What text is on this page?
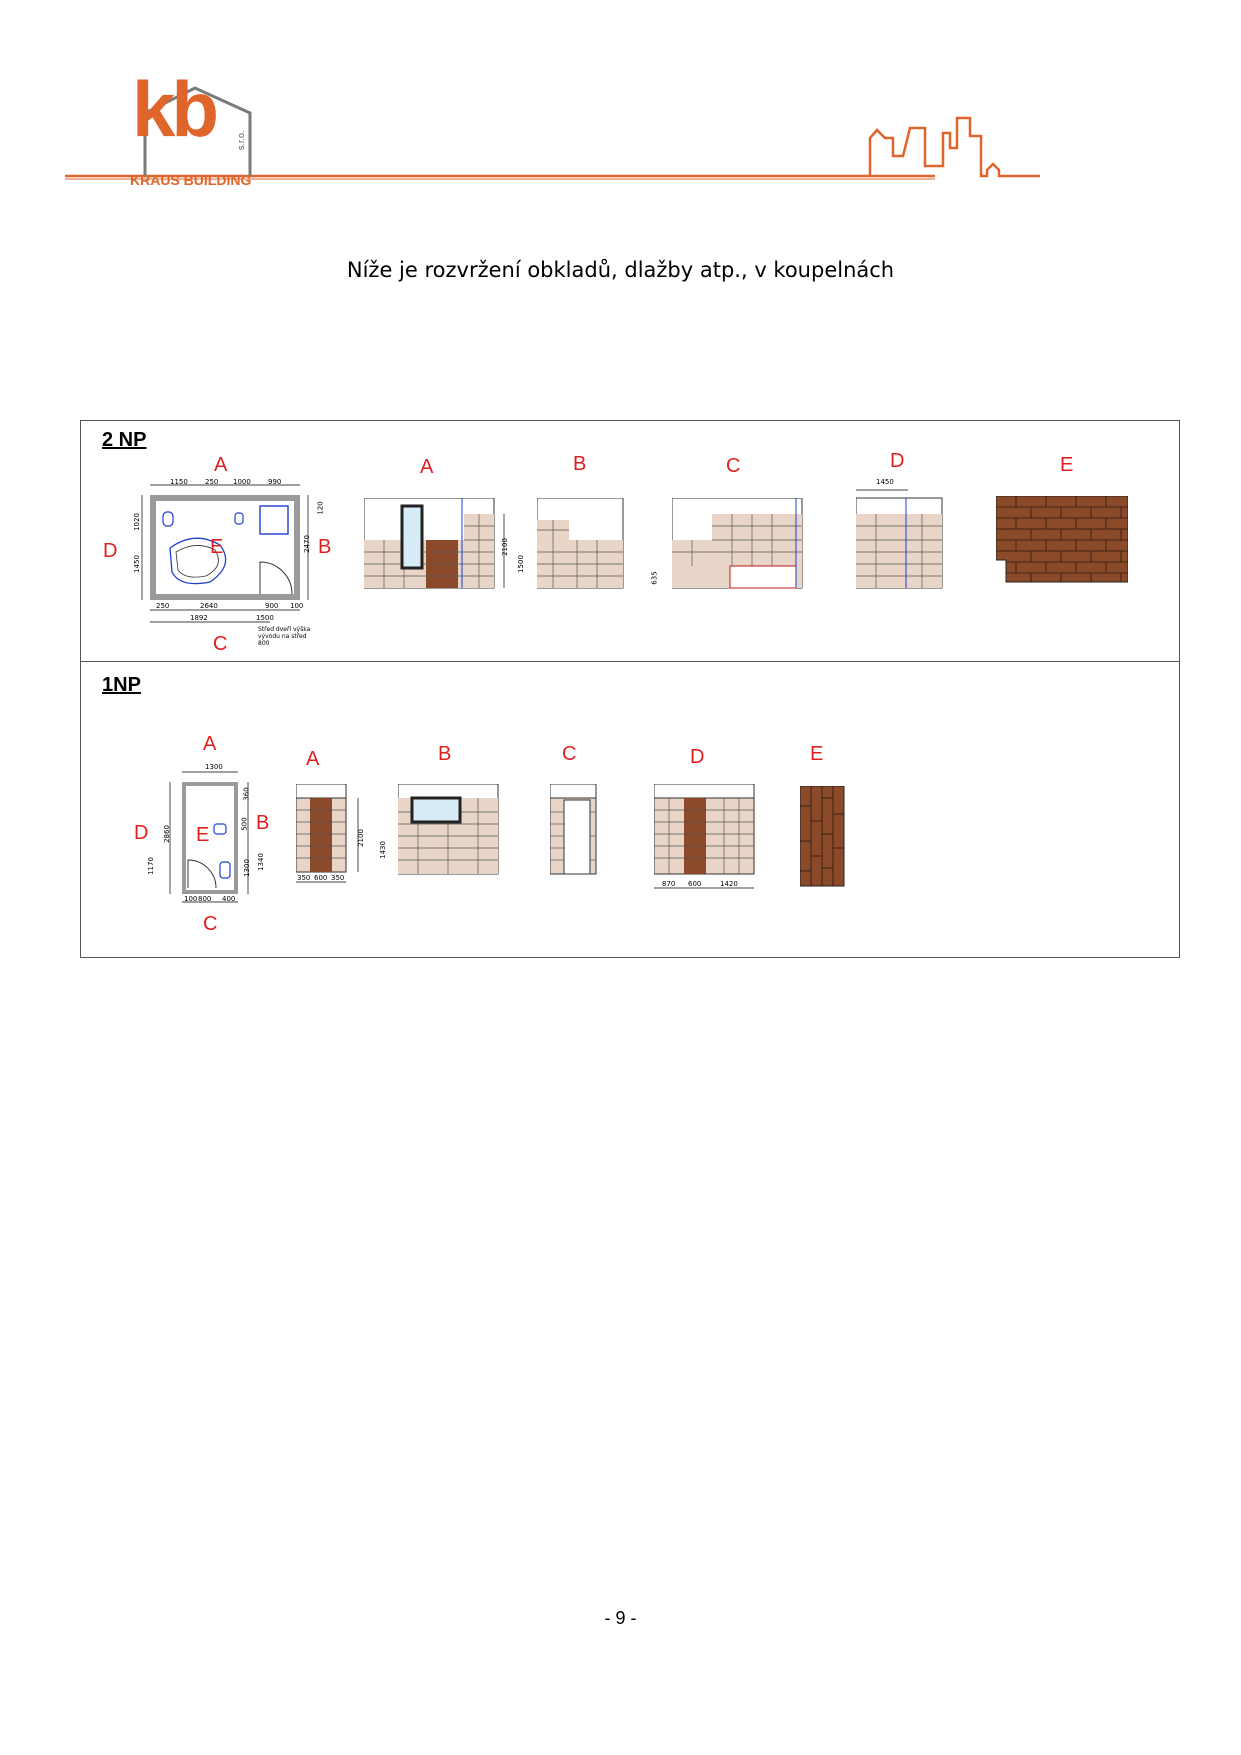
kb s.r.o.
KRAUS BUILDING
Níže je rozvržení obkladů, dlažby atp., v koupelnách
2 NP
1150 250 1000 990
1020
1450
2470
2640	900
1892	1500
250	100
120
Střed dveří výška vývodu na střed 800
A
B
C
D	E
A
2100
B
1500
C
635
D
1450
E
1NP
1300
2860
1170
500
1340
1300
800 400
100
360
A
B
C
D E
A
350 600 350
2100
B
1430
C	D
870 600	1420
E
- 9 -
